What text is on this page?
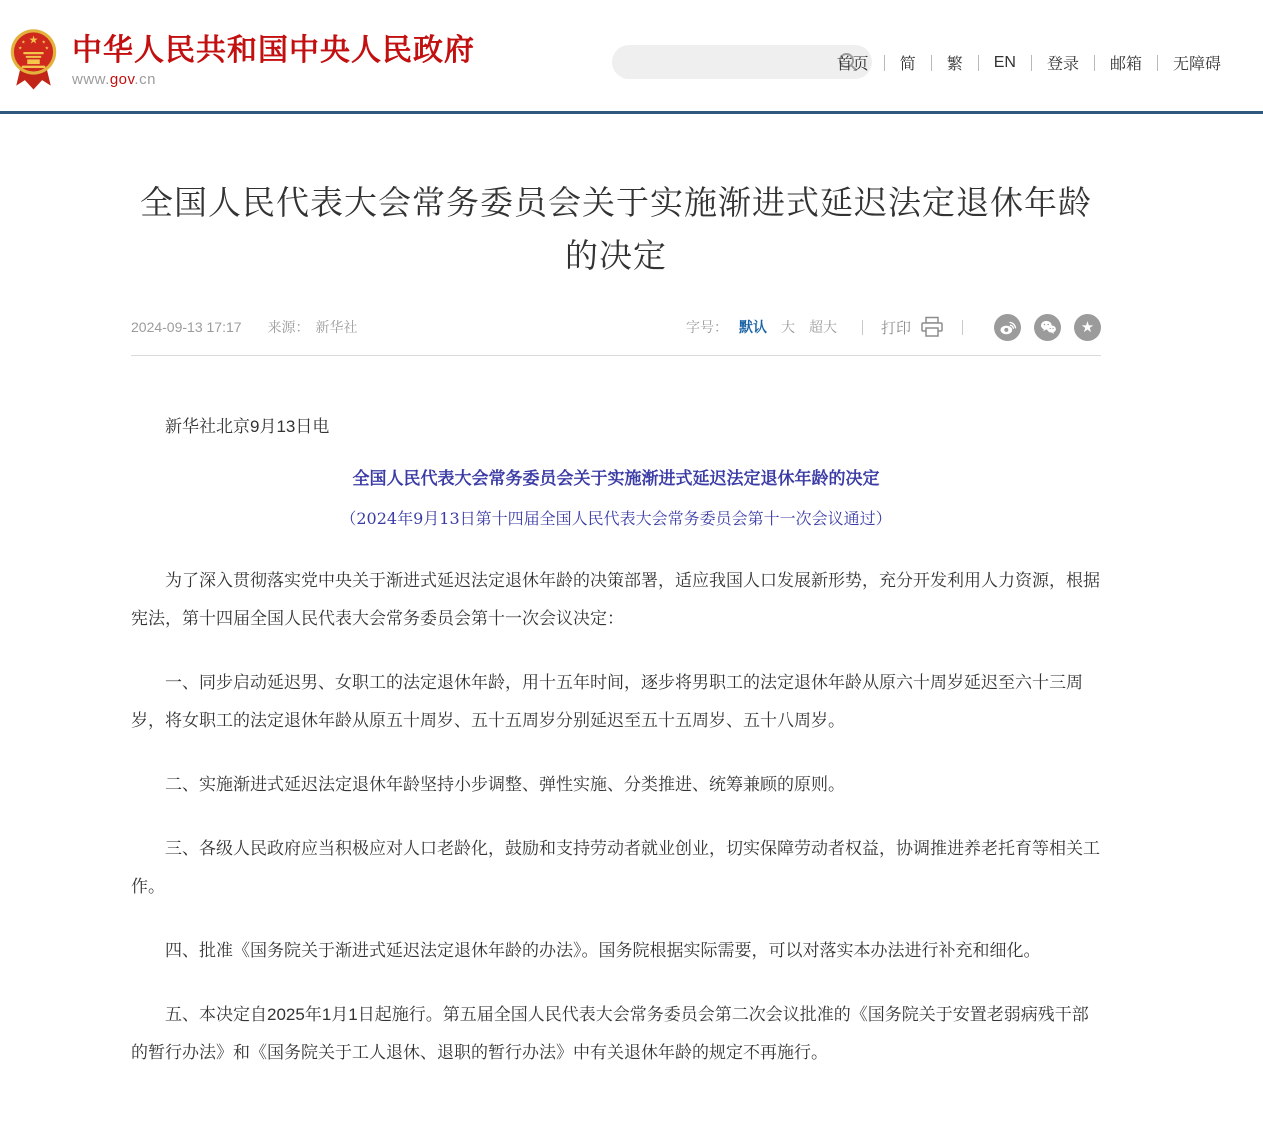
★
★	★
★	★ 中华人民共和国中央人民政府
www.gov.cn
首页 简 繁 EN 登录 邮箱 无障碍
全国人民代表大会常务委员会关于实施渐进式延迟法定退休年龄的决定
2024-09-13 17:17 来源： 新华社	字号： 默认 大 超大	打印	★

新华社北京9月13日电

全国人民代表大会常务委员会关于实施渐进式延迟法定退休年龄的决定

（2024年9月13日第十四届全国人民代表大会常务委员会第十一次会议通过）

为了深入贯彻落实党中央关于渐进式延迟法定退休年龄的决策部署，适应我国人口发展新形势，充分开发利用人力资源，根据宪法，第十四届全国人民代表大会常务委员会第十一次会议决定：

一、同步启动延迟男、女职工的法定退休年龄，用十五年时间，逐步将男职工的法定退休年龄从原六十周岁延迟至六十三周岁，将女职工的法定退休年龄从原五十周岁、五十五周岁分别延迟至五十五周岁、五十八周岁。

二、实施渐进式延迟法定退休年龄坚持小步调整、弹性实施、分类推进、统筹兼顾的原则。

三、各级人民政府应当积极应对人口老龄化，鼓励和支持劳动者就业创业，切实保障劳动者权益，协调推进养老托育等相关工作。

四、批准《国务院关于渐进式延迟法定退休年龄的办法》。国务院根据实际需要，可以对落实本办法进行补充和细化。

五、本决定自2025年1月1日起施行。第五届全国人民代表大会常务委员会第二次会议批准的《国务院关于安置老弱病残干部的暂行办法》和《国务院关于工人退休、退职的暂行办法》中有关退休年龄的规定不再施行。
